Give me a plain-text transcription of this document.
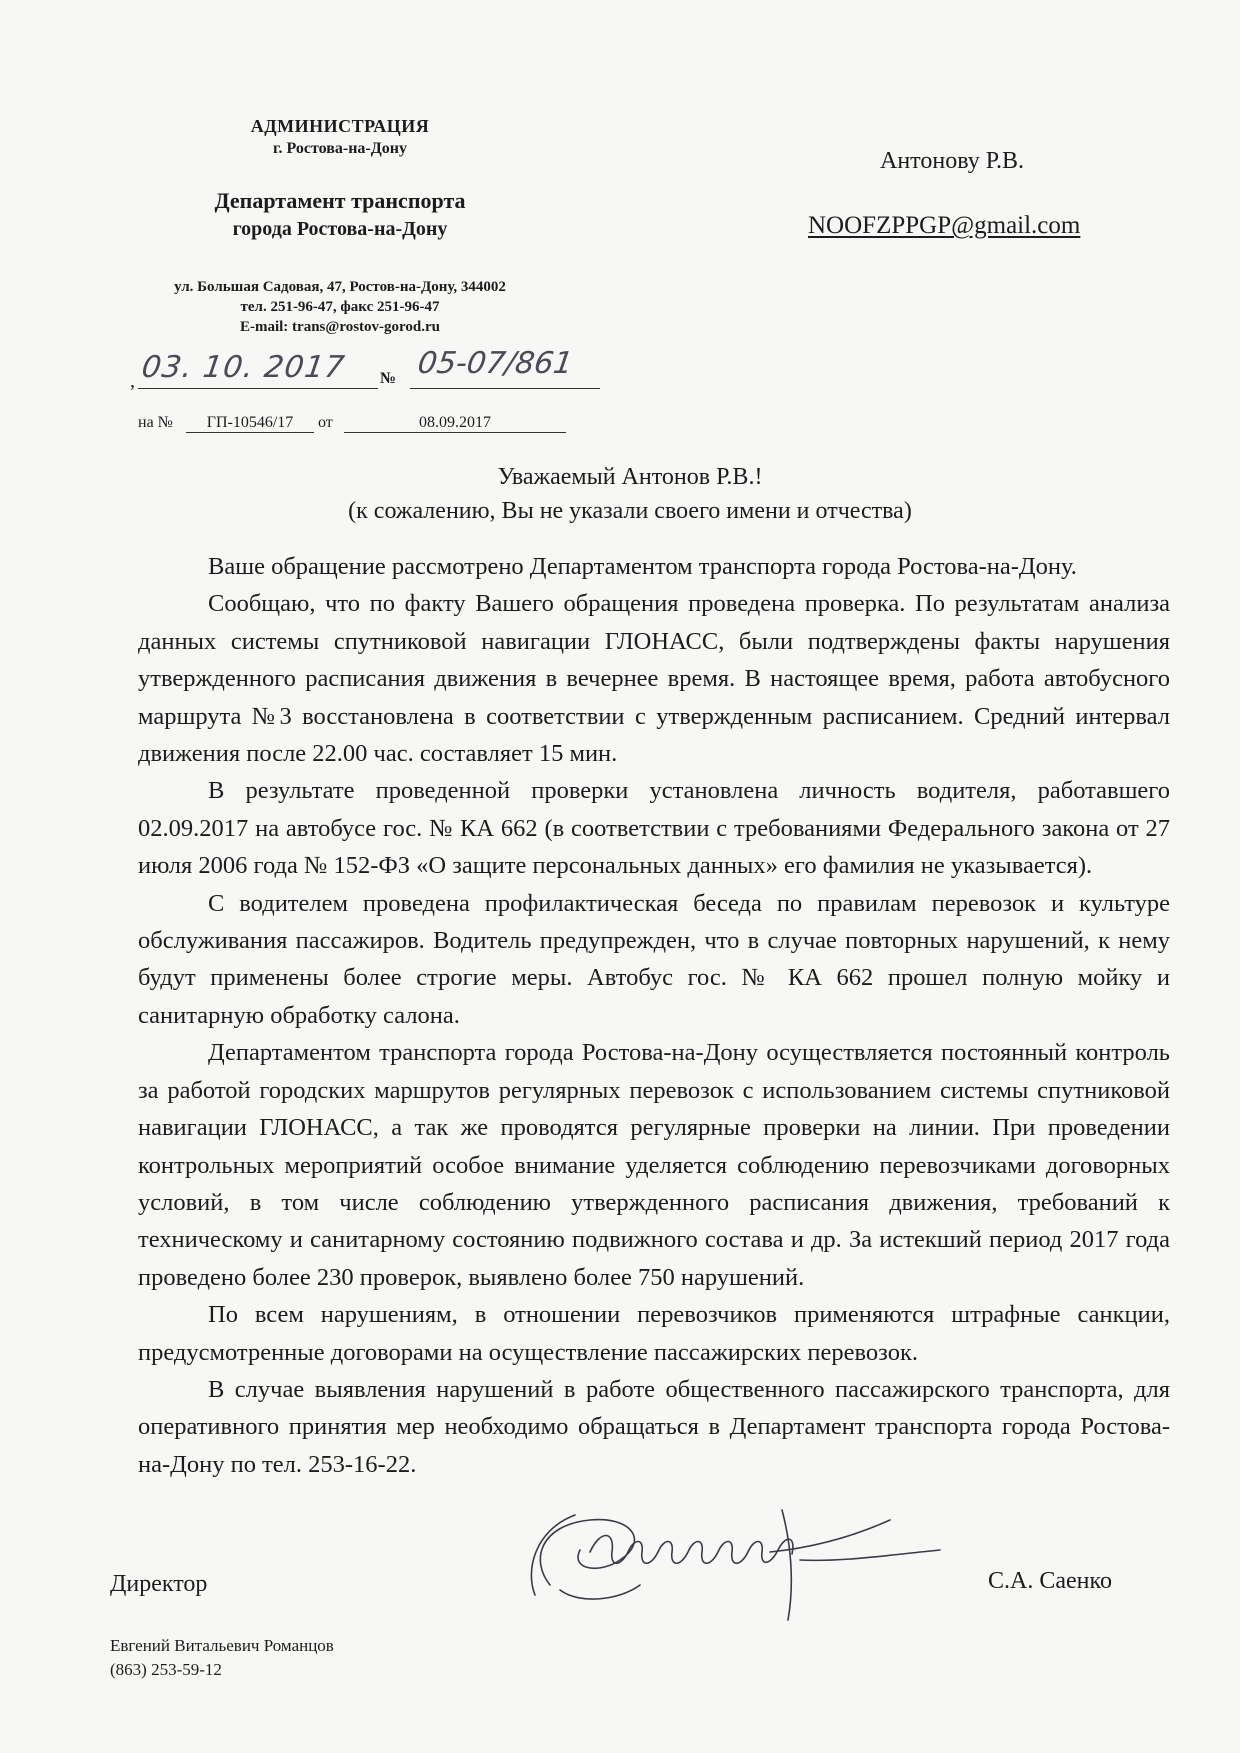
АДМИНИСТРАЦИЯ
г. Ростова-на-Дону
Департамент транспорта
города Ростова-на-Дону
ул. Большая Садовая, 47, Ростов-на-Дону, 344002
тел. 251-96-47, факс 251-96-47
E-mail: trans@rostov-gorod.ru
, 03. 10. 2017 № 05-07/861
на №	ГП-10546/17	от	08.09.2017
Антонову Р.В.
NOOFZPPGP@gmail.com
Уважаемый Антонов Р.В.!
(к сожалению, Вы не указали своего имени и отчества)

Ваше обращение рассмотрено Департаментом транспорта города Ростова-на-Дону.

Сообщаю, что по факту Вашего обращения проведена проверка. По результатам анализа данных системы спутниковой навигации ГЛОНАСС, были подтверждены факты нарушения утвержденного расписания движения в вечернее время. В настоящее время, работа автобусного маршрута №3 восстановлена в соответствии с утвержденным расписанием. Средний интервал движения после 22.00 час. составляет 15 мин.

В результате проведенной проверки установлена личность водителя, работавшего 02.09.2017 на автобусе гос. № КА 662 (в соответствии с требованиями Федерального закона от 27 июля 2006 года № 152-ФЗ «О защите персональных данных» его фамилия не указывается).

С водителем проведена профилактическая беседа по правилам перевозок и культуре обслуживания пассажиров. Водитель предупрежден, что в случае повторных нарушений, к нему будут применены более строгие меры. Автобус гос. № КА 662 прошел полную мойку и санитарную обработку салона.

Департаментом транспорта города Ростова-на-Дону осуществляется постоянный контроль за работой городских маршрутов регулярных перевозок с использованием системы спутниковой навигации ГЛОНАСС, а так же проводятся регулярные проверки на линии. При проведении контрольных мероприятий особое внимание уделяется соблюдению перевозчиками договорных условий, в том числе соблюдению утвержденного расписания движения, требований к техническому и санитарному состоянию подвижного состава и др. За истекший период 2017 года проведено более 230 проверок, выявлено более 750 нарушений.

По всем нарушениям, в отношении перевозчиков применяются штрафные санкции, предусмотренные договорами на осуществление пассажирских перевозок.

В случае выявления нарушений в работе общественного пассажирского транспорта, для оперативного принятия мер необходимо обращаться в Департамент транспорта города Ростова-на-Дону по тел. 253-16-22.

Директор	С.А. Саенко
Евгений Витальевич Романцов
(863) 253-59-12
